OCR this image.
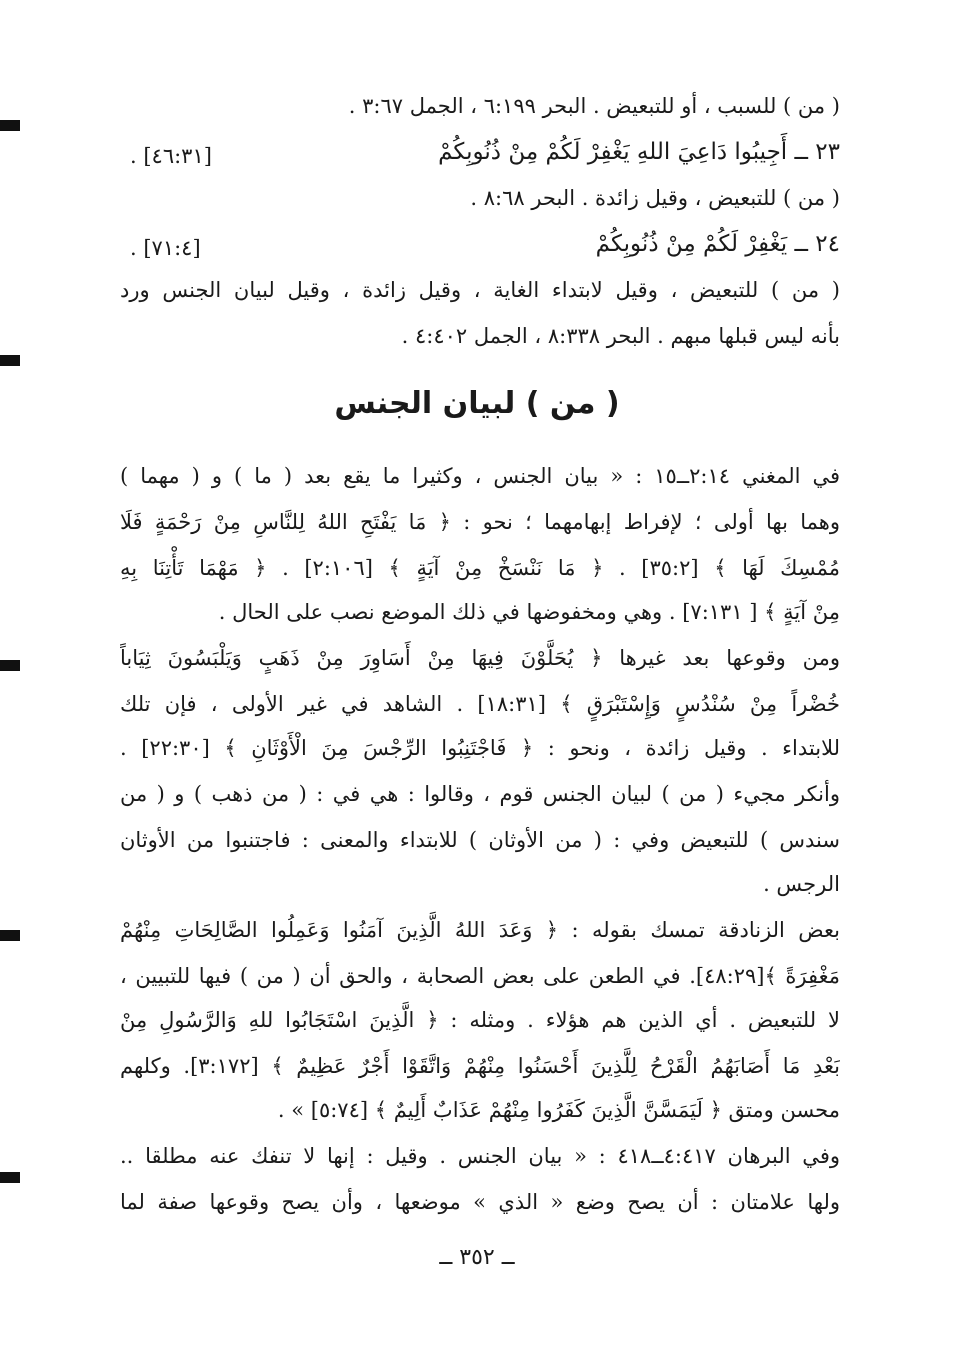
( من ) للسبب ، أو للتبعيض . البحر ٦:١٩٩ ، الجمل ٣:٦٧ .
٢٣ ــ أَجِيبُوا دَاعِيَ اللهِ يَغْفِرْ لَكُمْ مِنْ ذُنُوبِكُمْ
. [٤٦:٣١]
( من ) للتبعيض ، وقيل زائدة . البحر ٨:٦٨ .
٢٤ ــ يَغْفِرْ لَكُمْ مِنْ ذُنُوبِكُمْ
. [٧١:٤]
( من ) للتبعيض ، وقيل لابتداء الغاية ، وقيل زائدة ، وقيل لبيان الجنس ورد
بأنه ليس قبلها مبهم . البحر ٨:٣٣٨ ، الجمل ٤:٤٠٢ .
( من ) لبيان الجنس
في المغني ٢:١٤ــ١٥ : « بيان الجنس ، وكثيرا ما يقع بعد ( ما ) و ( مهما )
وهما بها أولى ؛ لإفراط إبهامهما ؛ نحو : ﴿ مَا يَفْتَحِ اللهُ لِلنَّاسِ مِنْ رَحْمَةٍ فَلَا
مُمْسِكَ لَهَا ﴾ [٣٥:٢] . ﴿ مَا نَنْسَخْ مِنْ آيَةٍ ﴾ [٢:١٠٦] . ﴿ مَهْمَا تَأْتِنَا بِهِ
مِنْ آيَةٍ ﴾ [ ٧:١٣١] . وهي ومخفوضها في ذلك الموضع نصب على الحال .
ومن وقوعها بعد غيرها ﴿ يُحَلَّوْنَ فِيهَا مِنْ أَسَاوِرَ مِنْ ذَهَبٍ وَيَلْبَسُونَ ثِيَاباً
خُضْراً مِنْ سُنْدُسٍ وَإِسْتَبْرَقٍ ﴾ [١٨:٣١] . الشاهد في غير الأولى ، فإن تلك
للابتداء . وقيل زائدة ، ونحو : ﴿ فَاجْتَنِبُوا الرِّجْسَ مِنَ الْأَوْثَانِ ﴾ [٢٢:٣٠] .
وأنكر مجيء ( من ) لبيان الجنس قوم ، وقالوا : هي في : ( من ذهب ) و ( من
سندس ) للتبعيض وفي : ( من الأوثان ) للابتداء والمعنى : فاجتنبوا من الأوثان
الرجس .
بعض الزنادقة تمسك بقوله : ﴿ وَعَدَ اللهُ الَّذِينَ آمَنُوا وَعَمِلُوا الصَّالِحَاتِ مِنْهُمْ
مَغْفِرَةً ﴾[٤٨:٢٩]. في الطعن على بعض الصحابة ، والحق أن ( من ) فيها للتبيين ،
لا للتبعيض . أي الذين هم هؤلاء . ومثله : ﴿ الَّذِينَ اسْتَجَابُوا للهِ وَالرَّسُولِ مِنْ
بَعْدِ مَا أَصَابَهُمُ الْقَرْحُ لِلَّذِينَ أَحْسَنُوا مِنْهُمْ وَاتَّقَوْا أَجْرٌ عَظِيمٌ ﴾ [٣:١٧٢]. وكلهم
محسن ومتق ﴿ لَيَمَسَّنَّ الَّذِينَ كَفَرُوا مِنْهُمْ عَذَابٌ أَلِيمٌ ﴾ [٥:٧٤] » .
وفي البرهان ٤:٤١٧ــ٤١٨ : « بيان الجنس . وقيل : إنها لا تنفك عنه مطلقا ..
ولها علامتان : أن يصح وضع « الذي » موضعها ، وأن يصح وقوعها صفة لما
ــ ٣٥٢ ــ
